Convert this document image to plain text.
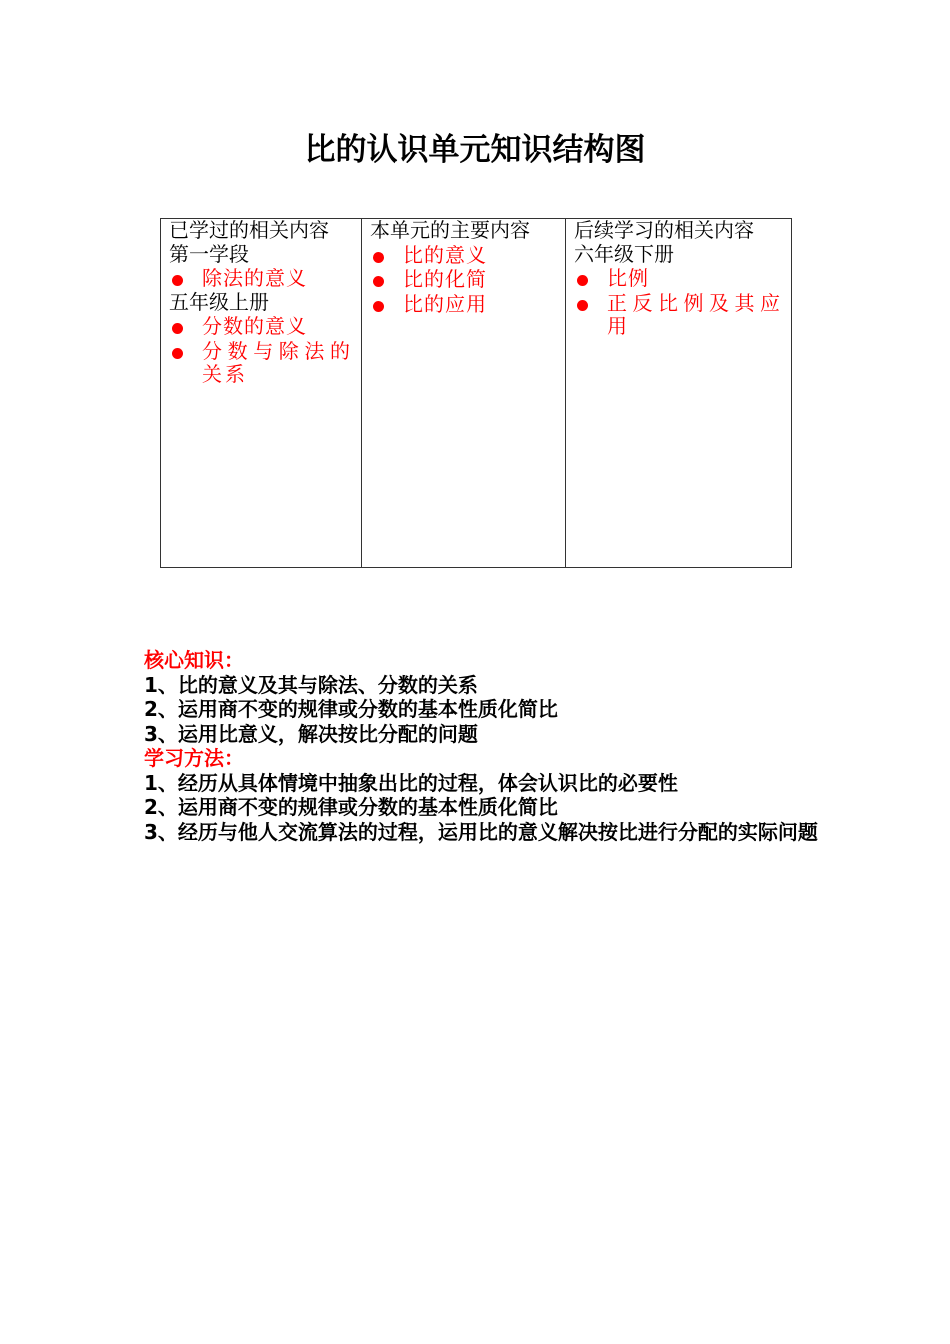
比的认识单元知识结构图
已学过的相关内容
第一学段
除法的意义
五年级上册
分数的意义
分数与除法的关系

本单元的主要内容
比的意义
比的化简
比的应用

后续学习的相关内容
六年级下册
比例
正反比例及其应用
核心知识：
1、比的意义及其与除法、分数的关系
2、运用商不变的规律或分数的基本性质化简比
3、运用比意义，解决按比分配的问题
学习方法：
1、经历从具体情境中抽象出比的过程，体会认识比的必要性
2、运用商不变的规律或分数的基本性质化简比
3、经历与他人交流算法的过程，运用比的意义解决按比进行分配的实际问题
